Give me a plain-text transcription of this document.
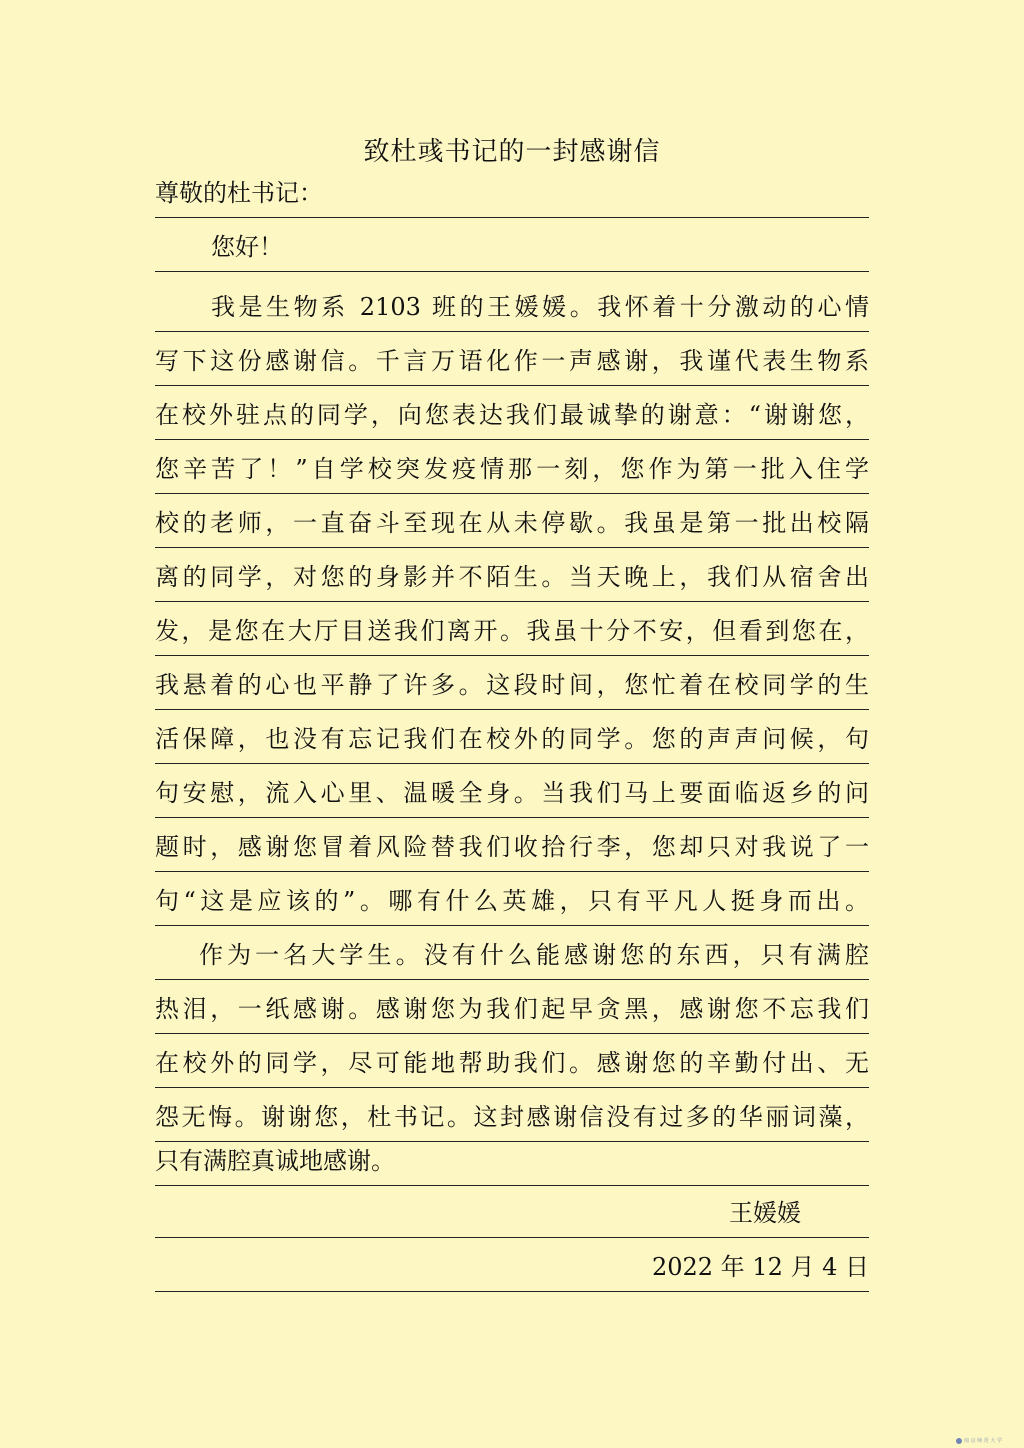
致杜彧书记的一封感谢信
尊敬的杜书记：
您好！
我是生物系 2103 班的王媛媛。我怀着十分激动的心情
写下这份感谢信。千言万语化作一声感谢，我谨代表生物系
在校外驻点的同学，向您表达我们最诚挚的谢意：“谢谢您，
您辛苦了！”自学校突发疫情那一刻，您作为第一批入住学
校的老师，一直奋斗至现在从未停歇。我虽是第一批出校隔
离的同学，对您的身影并不陌生。当天晚上，我们从宿舍出
发，是您在大厅目送我们离开。我虽十分不安，但看到您在，
我悬着的心也平静了许多。这段时间，您忙着在校同学的生
活保障，也没有忘记我们在校外的同学。您的声声问候，句
句安慰，流入心里、温暖全身。当我们马上要面临返乡的问
题时，感谢您冒着风险替我们收拾行李，您却只对我说了一
句“这是应该的”。哪有什么英雄，只有平凡人挺身而出。
作为一名大学生。没有什么能感谢您的东西，只有满腔
热泪，一纸感谢。感谢您为我们起早贪黑，感谢您不忘我们
在校外的同学，尽可能地帮助我们。感谢您的辛勤付出、无
怨无悔。谢谢您，杜书记。这封感谢信没有过多的华丽词藻，
只有满腔真诚地感谢。
王媛媛
2022 年 12 月 4 日
南 京 师 范 大 学
